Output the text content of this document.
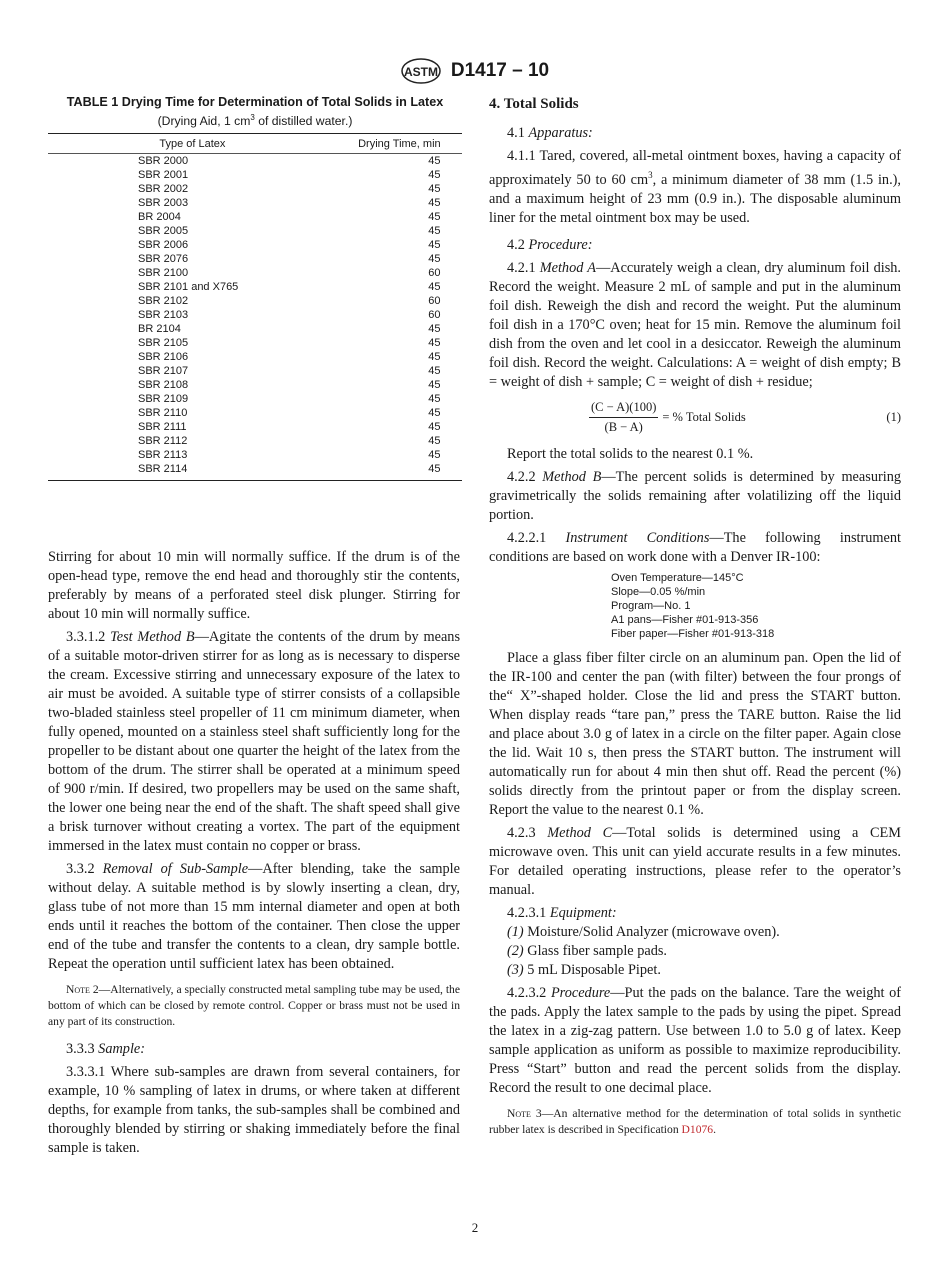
ASTM D1417 – 10
TABLE 1 Drying Time for Determination of Total Solids in Latex
(Drying Aid, 1 $cm^3$ of distilled water.)
Type of Latex	Drying Time, min
SBR 2000	45
SBR 2001	45
SBR 2002	45
SBR 2003	45
BR 2004	45
SBR 2005	45
SBR 2006	45
SBR 2076	45
SBR 2100	60
SBR 2101 and X765	45
SBR 2102	60
SBR 2103	60
BR 2104	45
SBR 2105	45
SBR 2106	45
SBR 2107	45
SBR 2108	45
SBR 2109	45
SBR 2110	45
SBR 2111	45
SBR 2112	45
SBR 2113	45
SBR 2114	45

Stirring for about 10 min will normally suffice. If the drum is of the open-head type, remove the end head and thoroughly stir the contents, preferably by means of a perforated steel disk plunger. Stirring for about 10 min will normally suffice.

3.3.1.2 Test Method B—Agitate the contents of the drum by means of a suitable motor-driven stirrer for as long as is necessary to disperse the cream. Excessive stirring and unnecessary exposure of the latex to air must be avoided. A suitable type of stirrer consists of a collapsible two-bladed stainless steel propeller of 11 cm minimum diameter, when fully opened, mounted on a stainless steel shaft sufficiently long for the propeller to be distant about one quarter the height of the latex from the bottom of the drum. The stirrer shall be operated at a minimum speed of 900 r/min. If desired, two propellers may be used on the same shaft, the lower one being near the end of the shaft. The shaft speed shall give a brisk turnover without creating a vortex. The part of the equipment immersed in the latex must contain no copper or brass.

3.3.2 Removal of Sub-Sample—After blending, take the sample without delay. A suitable method is by slowly inserting a clean, dry, glass tube of not more than 15 mm internal diameter and open at both ends until it reaches the bottom of the container. Then close the upper end of the tube and transfer the contents to a clean, dry sample bottle. Repeat the operation until sufficient latex has been obtained.

Note 2—Alternatively, a specially constructed metal sampling tube may be used, the bottom of which can be closed by remote control. Copper or brass must not be used in any part of its construction.

3.3.3 Sample:

3.3.3.1 Where sub-samples are drawn from several containers, for example, 10 % sampling of latex in drums, or where taken at different depths, for example from tanks, the sub-samples shall be combined and thoroughly blended by stirring or shaking immediately before the final sample is taken.

4. Total Solids

4.1 Apparatus:

4.1.1 Tared, covered, all-metal ointment boxes, having a capacity of approximately 50 to 60 $cm^3$, a minimum diameter of 38 mm (1.5 in.), and a maximum height of 23 mm (0.9 in.). The disposable aluminum liner for the metal ointment box may be used.

4.2 Procedure:

4.2.1 Method A—Accurately weigh a clean, dry aluminum foil dish. Record the weight. Measure 2 mL of sample and put in the aluminum foil dish. Reweigh the dish and record the weight. Put the aluminum foil dish in a 170°C oven; heat for 15 min. Remove the aluminum foil dish from the oven and let cool in a desiccator. Reweigh the aluminum foil dish. Record the weight. Calculations: A = weight of dish empty; B = weight of dish + sample; C = weight of dish + residue;

$\frac{(C - A)(100)}{(B - A)}$ = % Total Solids	(1)

Report the total solids to the nearest 0.1 %.

4.2.2 Method B—The percent solids is determined by measuring gravimetrically the solids remaining after volatilizing off the liquid portion.

4.2.2.1 Instrument Conditions—The following instrument conditions are based on work done with a Denver IR-100:

Oven Temperature—145°C
Slope—0.05 %/min
Program—No. 1
A1 pans—Fisher #01-913-356
Fiber paper—Fisher #01-913-318

Place a glass fiber filter circle on an aluminum pan. Open the lid of the IR-100 and center the pan (with filter) between the four prongs of the“ X”-shaped holder. Close the lid and press the START button. When display reads “tare pan,” press the TARE button. Raise the lid and place about 3.0 g of latex in a circle on the filter paper. Again close the lid. Wait 10 s, then press the START button. The instrument will automatically run for about 4 min then shut off. Read the percent (%) solids directly from the printout paper or from the display screen. Report the value to the nearest 0.1 %.

4.2.3 Method C—Total solids is determined using a CEM microwave oven. This unit can yield accurate results in a few minutes. For detailed operating instructions, please refer to the operator’s manual.

4.2.3.1 Equipment:

(1) Moisture/Solid Analyzer (microwave oven).

(2) Glass fiber sample pads.

(3) 5 mL Disposable Pipet.

4.2.3.2 Procedure—Put the pads on the balance. Tare the weight of the pads. Apply the latex sample to the pads by using the pipet. Spread the latex in a zig-zag pattern. Use between 1.0 to 5.0 g of latex. Keep sample application as uniform as possible to maximize reproducibility. Press “Start” button and read the percent solids from the display. Record the result to one decimal place.

Note 3—An alternative method for the determination of total solids in synthetic rubber latex is described in Specification D1076.

2
